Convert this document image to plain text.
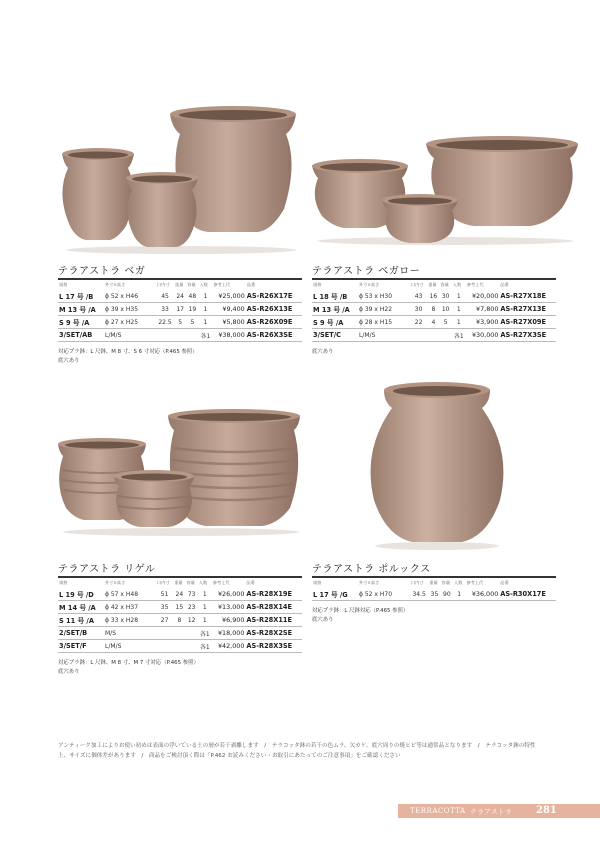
テラアストラ ベガ
規格	外寸×高さ	口内寸	重量	容量	入数	参考上代	品番
L 17 号 /B	ϕ 52 x H46	45	24	48	1	¥25,000	AS-R26X17E
M 13 号 /A	ϕ 39 x H35	33	17	19	1	¥9,400	AS-R26X13E
S 9 号 /A	ϕ 27 x H25	22.5	5	5	1	¥5,800	AS-R26X09E
3/SET/AB	L/M/S				各1	¥38,000	AS-R26X3SE
対応プラ鉢：L 尺鉢、M 8 寸、S 6 寸対応（P.465 参照）
底穴あり
テラアストラ ベガロー
規格	外寸×高さ	口内寸	重量	容量	入数	参考上代	品番
L 18 号 /B	ϕ 53 x H30	43	16	30	1	¥20,000	AS-R27X18E
M 13 号 /A	ϕ 39 x H22	30	8	10	1	¥7,800	AS-R27X13E
S 9 号 /A	ϕ 28 x H15	22	4	5	1	¥3,900	AS-R27X09E
3/SET/C	L/M/S				各1	¥30,000	AS-R27X3SE
底穴あり
テラアストラ リゲル
規格	外寸×高さ	口内寸	重量	容量	入数	参考上代	品番
L 19 号 /D	ϕ 57 x H48	51	24	73	1	¥26,000	AS-R28X19E
M 14 号 /A	ϕ 42 x H37	35	15	23	1	¥13,000	AS-R28X14E
S 11 号 /A	ϕ 33 x H28	27	8	12	1	¥6,900	AS-R28X11E
2/SET/B	M/S				各1	¥18,000	AS-R28X2SE
3/SET/F	L/M/S				各1	¥42,000	AS-R28X3SE
対応プラ鉢：L 尺鉢、M 8 寸、M 7 寸対応（P.465 参照）
底穴あり
テラアストラ ポルックス
規格	外寸×高さ	口内寸	重量	容量	入数	参考上代	品番
L 17 号 /G	ϕ 52 x H70	34.5	35	90	1	¥36,000	AS-R30X17E
対応プラ鉢：L 尺鉢対応（P.465 参照）
底穴あり
アンティーク加工によりお使い初めは表面の浮いている土の層が若干剥離します　/　テラコッタ鉢の若干の色ムラ、欠カケ、底穴周りの焼ヒビ等は通常品となります　/　テラコッタ鉢の特性上、サイズに個体差があります　/　商品をご検討頂く際は「P.462 お読みください・お取引にあたってのご注意事項」をご確認ください
TERRACOTTA テラアストラ 281
